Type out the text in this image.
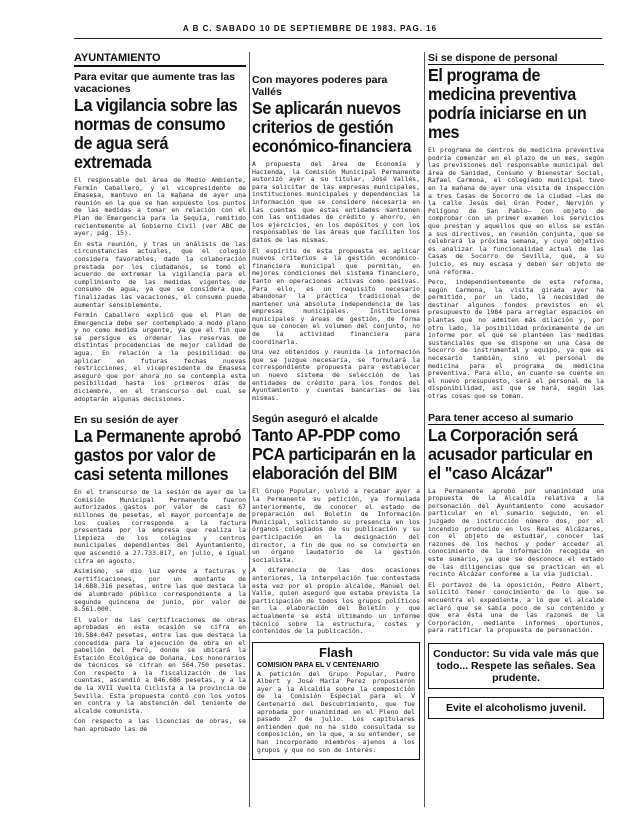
A B C. SABADO 10 DE SEPTIEMBRE DE 1983. PAG. 16
AYUNTAMIENTO
Para evitar que aumente tras las vacaciones
La vigilancia sobre las normas de consumo de agua será extremada

El responsable del área de Medio Ambiente, Fermín Caballero, y el vicepresidente de Emasesa, mantuvo en la mañana de ayer una reunión en la que se han expuesto los puntos de las medidas a tomar en relación con el Plan de Emergencia para la Sequía, remitido recientemente al Gobierno Civil (ver ABC de ayer, pág. 15).

En esta reunión, y tras un análisis de las circunstancias actuales, que el colegio considera favorables, dado la colaboración prestada por los ciudadanos, se tomó el acuerdo de extremar la vigilancia para el cumplimiento de las medidas vigentes de consumo de agua, ya que se considera que, finalizadas las vacaciones, el consumo puede aumentar sensiblemente.

Fermín Caballero explicó que el Plan de Emergencia debe ser contemplado a modo plano y no como medida urgente, ya que el fin que se persigue es ordenar las reservas de distintas procedencias de mejor calidad de agua. En relación a la posibilidad de aplicar en futuras fechas nuevas restricciones, el vicepresidente de Emasesa aseguró que por ahora no se contempla esta posibilidad hasta los primeros días de diciembre, en el transcurso del cual se adoptarán algunas decisiones.

En su sesión de ayer
La Permanente aprobó gastos por valor de casi setenta millones

En el transcurso de la sesión de ayer de la Comisión Municipal Permanente fueron autorizados gastos por valor de casi 67 millones de pesetas, el mayor porcentaje de los cuales corresponde a la factura presentada por la empresa que realiza la limpieza de los colegios y centros municipales dependientes del Ayuntamiento, que ascendió a 27.733.817, en julio, e igual cifra en agosto.

Asimismo, se dio luz verde a facturas y certificaciones, por un montante de 14.688.316 pesetas, entre las que destaca la de alumbrado público correspondiente a la segunda quincena de junio, por valor de 8.561.000.

El valor de las certificaciones de obras aprobadas en esta ocasión se cifra en 10.584.047 pesetas, entre las que destaca la concedida para la ejecución de obra en el pabellón del Perú, donde se ubicará la Estación Ecológica de Doñana. Los honorarios de técnicos se cifran en 564.750 pesetas. Con respecto a la fiscalización de las cuentas, ascendió a 846.686 pesetas, y a la de la XVII Vuelta Ciclista a la provincia de Sevilla. Esta propuesta contó con los votos en contra y la abstención del teniente de alcalde comunista.

Con respecto a las licencias de obras, se han aprobado las de

Con mayores poderes para Vallés
Se aplicarán nuevos criterios de gestión económico-financiera

A propuesta del área de Economía y Hacienda, la Comisión Municipal Permanente autorizó ayer a su titular, José Vallés, para solicitar de las empresas municipales, instituciones municipales y dependencias la información que se considere necesaria en las cuentas que estas entidades mantienen con las entidades de crédito y ahorro, en los ejercicios, en los depósitos y con los responsables de las áreas que faciliten los datos de las mismas.

El espíritu de esta propuesta es aplicar nuevos criterios a la gestión económico-financiera municipal que permitan, en mejores condiciones del sistema financiero, tanto en operaciones activas como pasivas. Para ello, es un requisito necesario abandonar la práctica tradicional de mantener una absoluta independencia de las empresas municipales. Instituciones municipales y áreas de gestión, de forma que se conocen el volumen del conjunto, no de la actividad financiera para coordinarla.

Una vez obtenidos y reunida la información que se juzgue necesaria, se formulará la correspondiente propuesta para establecer un nuevo sistema de selección de las entidades de crédito para los fondos del Ayuntamiento y cuentas bancarias de las mismas.

Según aseguró el alcalde
Tanto AP-PDP como PCA participarán en la elaboración del BIM

El Grupo Popular, volvió a recabar ayer a la Permanente su petición, ya formulada anteriormente, de conocer el estado de preparación del Boletín de Información Municipal, solicitando su presencia en los órganos colegiados de su publicación y su participación en la designación del director, a fin de que no se convierta en un órgano laudatorio de la gestión socialista.

A diferencia de las dos ocasiones anteriores, la interpelación fue contestada esta vez por el propio alcalde, Manuel del Valle, quien aseguró que estaba prevista la participación de todos los grupos políticos en la elaboración del Boletín y que actualmente se está ultimando un informe técnico sobre la estructura, costes y contenidos de la publicación.

Flash
COMISION PARA EL V CENTENARIO

A petición del Grupo Popular, Pedro Albert y José María Perez propusieron ayer a la Alcaldía sobre la composición de la Comisión Especial para el V Centenario del Descubrimiento, que fue aprobada por unanimidad en el Pleno del pasado 27 de julio. Los capitulares entienden que no ha sido consultada su composición, en la que, a su entender, se han incorporado miembros ajenos a los grupos y que no son de interés.

Si se dispone de personal
El programa de medicina preventiva podría iniciarse en un mes

El programa de centros de medicina preventiva podría comenzar en el plazo de un mes, según las previsiones del responsable municipal del área de Sanidad, Consumo y Bienestar Social, Rafael Carmona, el colegiado municipal tuvo en la mañana de ayer una visita de inspección a tres Casas de Socorro de la ciudad —las de la calle Jesús del Gran Poder, Nervión y Polígono de San Pablo— con objeto de comprobar con un primer examen los servicios que prestan y aquellos que en ellos se están a sus directivos, en reunión conjunta, que se celebrará la próxima semana, y cuyo objetivo es analizar la funcionalidad actual de las Casas de Socorro de Sevilla, que, a su juicio, es muy escasa y deben ser objeto de una reforma.

Pero, independientemente de esta reforma, según Carmona, la visita girada ayer ha permitido, por un lado, la necesidad de destinar algunos fondos previstos en el presupuesto de 1984 para arreglar espacios en plantas que no admiten más dilación y, por otro lado, la posibilidad próximamente de un informe por el que se planteen las medidas sustanciales que se dispone en una Casa de Socorro de instrumental y equipo, ya que es necesario también, sino el personal de medicina para el programa de medicina preventiva. Para ello, en cuanto se cuente en el nuevo presupuesto, será el personal de la disponibilidad, así que se hará, según las otras cosas que se toman.

Para tener acceso al sumario
La Corporación será acusador particular en el "caso Alcázar"

La Permanente aprobó por unanimidad una propuesta de la Alcaldía relativa a la personación del Ayuntamiento como acusador particular en el sumario seguido, en el juzgado de instrucción número dos, por el incendio producido en los Reales Alcázares, con el objeto de estudiar, conocer las razones de los hechos y poder acceder al conocimiento de la información recogida en este sumario, ya que se desconoce el estado de las diligencias que se practican en el recinto Alcázar conforme a la vía judicial.

El portavoz de la oposición, Pedro Albert, solicitó tener conocimiento de lo que se encuentra el expediente, a lo que el alcalde aclaró que se sabía poco de su contenido y que era ésta una de las razones de la Corporación, mediante informes oportunos, para ratificar la propuesta de personación.

Conductor: Su vida vale más que todo... Respete las señales. Sea prudente.
Evite el alcoholismo juvenil.
